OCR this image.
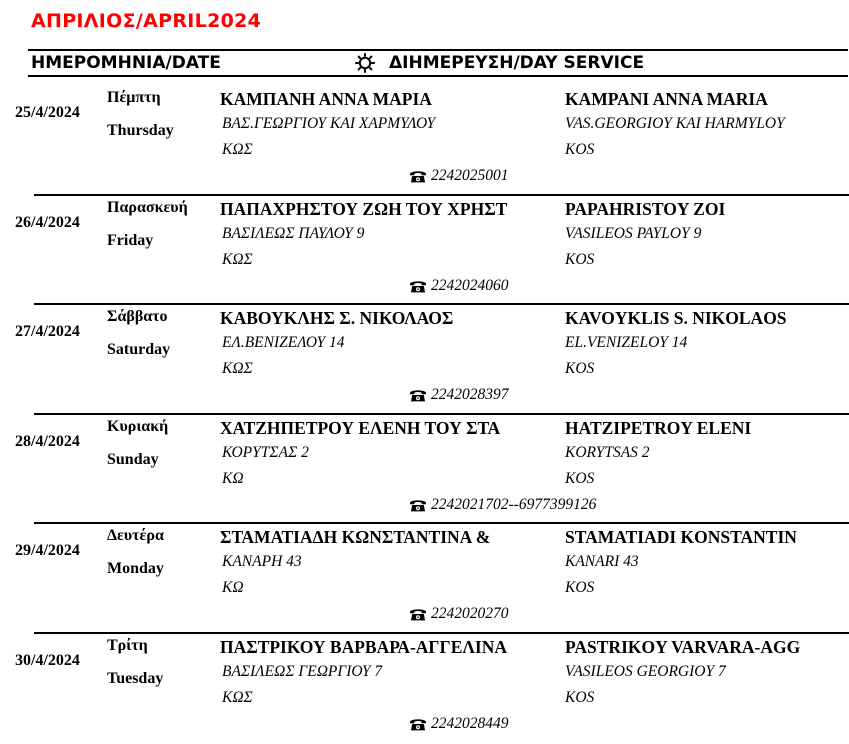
ΑΠΡΙΛΙΟΣ/APRIL2024
ΗΜΕΡΟΜΗΝΙΑ/DATE	ΔΙΗΜΕΡΕΥΣΗ/DAY SERVICE
25/4/2024
Πέμπτη
Thursday
ΚΑΜΠΑΝΗ ΑΝΝΑ ΜΑΡΙΑ	KAMPANI ANNA MARIA
ΒΑΣ.ΓΕΩΡΓΙΟΥ ΚΑΙ ΧΑΡΜΥΛΟΥ	VAS.GEORGIOY KAI HARMYLOY
ΚΩΣ	KOS
2242025001
26/4/2024
Παρασκευή
Friday
ΠΑΠΑΧΡΗΣΤΟΥ ΖΩΗ ΤΟΥ ΧΡΗΣΤ	PAPAHRISTOY ZOI
ΒΑΣΙΛΕΩΣ ΠΑΥΛΟΥ 9	VASILEOS PAYLOY 9
ΚΩΣ	KOS
2242024060
27/4/2024
Σάββατο
Saturday
ΚΑΒΟΥΚΛΗΣ Σ. ΝΙΚΟΛΑΟΣ	KAVOYKLIS S. NIKOLAOS
ΕΛ.ΒΕΝΙΖΕΛΟΥ 14	EL.VENIZELOY 14
ΚΩΣ	KOS
2242028397
28/4/2024
Κυριακή
Sunday
ΧΑΤΖΗΠΕΤΡΟΥ ΕΛΕΝΗ ΤΟΥ ΣΤΑ	HATZIPETROY ELENI
ΚΟΡΥΤΣΑΣ 2	KORYTSAS 2
ΚΩ	KOS
2242021702--6977399126
29/4/2024
Δευτέρα
Monday
ΣΤΑΜΑΤΙΑΔΗ ΚΩΝΣΤΑΝΤΙΝΑ &	STAMATIADI KONSTANTIN
ΚΑΝΑΡΗ 43	KANARI 43
ΚΩ	KOS
2242020270
30/4/2024
Τρίτη
Tuesday
ΠΑΣΤΡΙΚΟΥ ΒΑΡΒΑΡΑ-ΑΓΓΕΛΙΝΑ	PASTRIKOY VARVARA-AGG
ΒΑΣΙΛΕΩΣ ΓΕΩΡΓΙΟΥ 7	VASILEOS GEORGIOY 7
ΚΩΣ	KOS
2242028449
